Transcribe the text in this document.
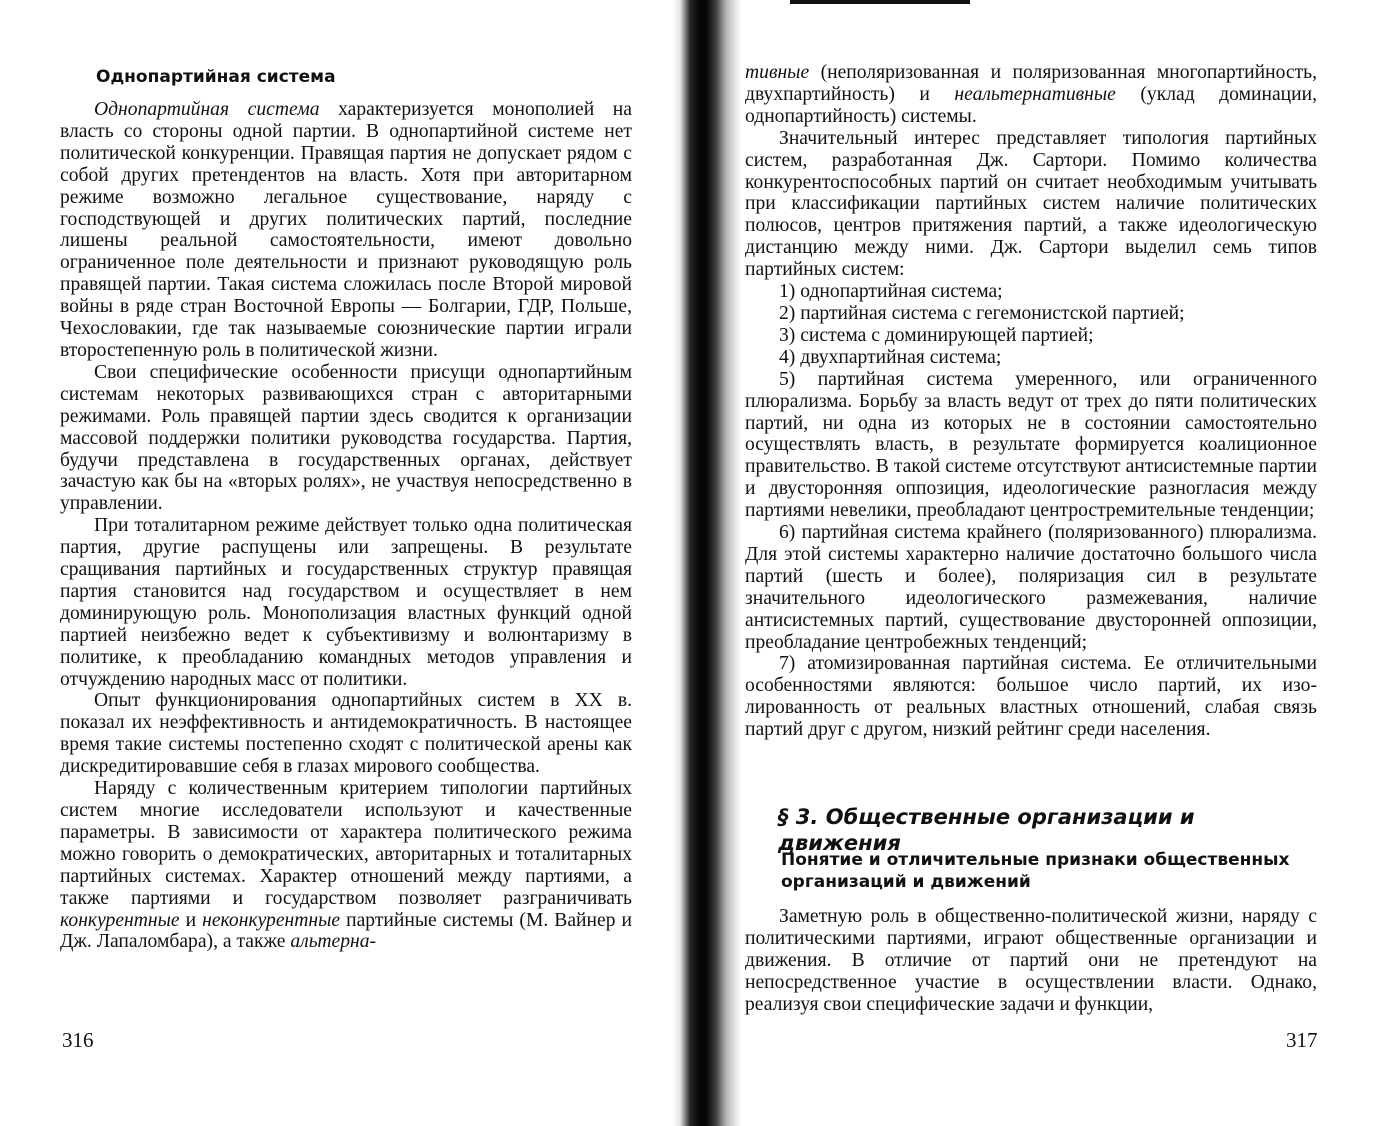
Однопартийная система

Однопартийная система характеризуется монополией на власть со стороны одной партии. В однопартийной системе нет политической конкуренции. Правящая партия не допускает рядом с собой других претендентов на власть. Хотя при авторитарном режиме возможно легальное существование, наряду с господствующей и других политических партий, последние лишены реальной самостоятельности, имеют довольно ограниченное поле деятельности и признают руководящую роль правящей партии. Такая система сложилась после Второй мировой войны в ряде стран Восточной Европы — Болгарии, ГДР, Польше, Чехословакии, где так называемые союзнические партии играли второстепенную роль в политической жизни.

Свои специфические особенности присущи однопартийным системам некоторых развивающихся стран с авторитарными режимами. Роль правящей партии здесь сводится к организации массовой поддержки политики руководства государства. Партия, будучи представлена в государственных органах, действует зачастую как бы на «вторых ролях», не участвуя непосредственно в управлении.

При тоталитарном режиме действует только одна политическая партия, другие распущены или запрещены. В результате сращивания партийных и государственных структур правящая партия становится над государством и осуществляет в нем доминирующую роль. Монополизация властных функций одной партией неизбежно ведет к субъективизму и волюнтаризму в политике, к преобладанию командных методов управления и отчуждению народных масс от политики.

Опыт функционирования однопартийных систем в XX в. показал их неэффективность и антидемократичность. В настоящее время такие системы постепенно сходят с политической арены как дискредитировавшие себя в глазах мирового сообщества.

Наряду с количественным критерием типологии партийных систем многие исследователи используют и качественные параметры. В зависимости от характера политического режима можно говорить о демократических, авторитарных и тоталитарных партийных системах. Характер отношений между партиями, а также партиями и государством позволяет разграничивать конкурентные и неконкурентные партийные системы (М. Вайнер и Дж. Лапаломбара), а также альтерна-

316

тивные (неполяризованная и поляризованная многопартийность, двухпартийность) и неальтернативные (уклад доминации, однопартийность) системы.

Значительный интерес представляет типология партийных систем, разработанная Дж. Сартори. Помимо количества конкурентоспособных партий он считает необходимым учитывать при классификации партийных систем наличие политических полюсов, центров притяжения партий, а также идеологическую дистанцию между ними. Дж. Сартори выделил семь типов партийных систем:

1) однопартийная система;

2) партийная система с гегемонистской партией;

3) система с доминирующей партией;

4) двухпартийная система;

5) партийная система умеренного, или ограниченного плюрализма. Борьбу за власть ведут от трех до пяти политических партий, ни одна из которых не в состоянии самостоятельно осуществлять власть, в результате формируется коалиционное правительство. В такой системе отсутствуют антисистемные партии и двусторонняя оппозиция, идеологические разногласия между партиями невелики, преобладают центростремительные тенденции;

6) партийная система крайнего (поляризованного) плюрализма. Для этой системы характерно наличие достаточно большого числа партий (шесть и более), поляризация сил в результате значительного идеологического размежевания, наличие антисистемных партий, существование двусторонней оппозиции, преобладание центробежных тенденций;

7) атомизированная партийная система. Ее отличительными особенностями являются: большое число партий, их изолированность от реальных властных отношений, слабая связь партий друг с другом, низкий рейтинг среди населения.

§ 3. Общественные организации и движения
Понятие и отличительные признаки общественных организаций и движений

Заметную роль в общественно-политической жизни, наряду с политическими партиями, играют общественные организации и движения. В отличие от партий они не претендуют на непосредственное участие в осуществлении власти. Однако, реализуя свои специфические задачи и функции,

317
